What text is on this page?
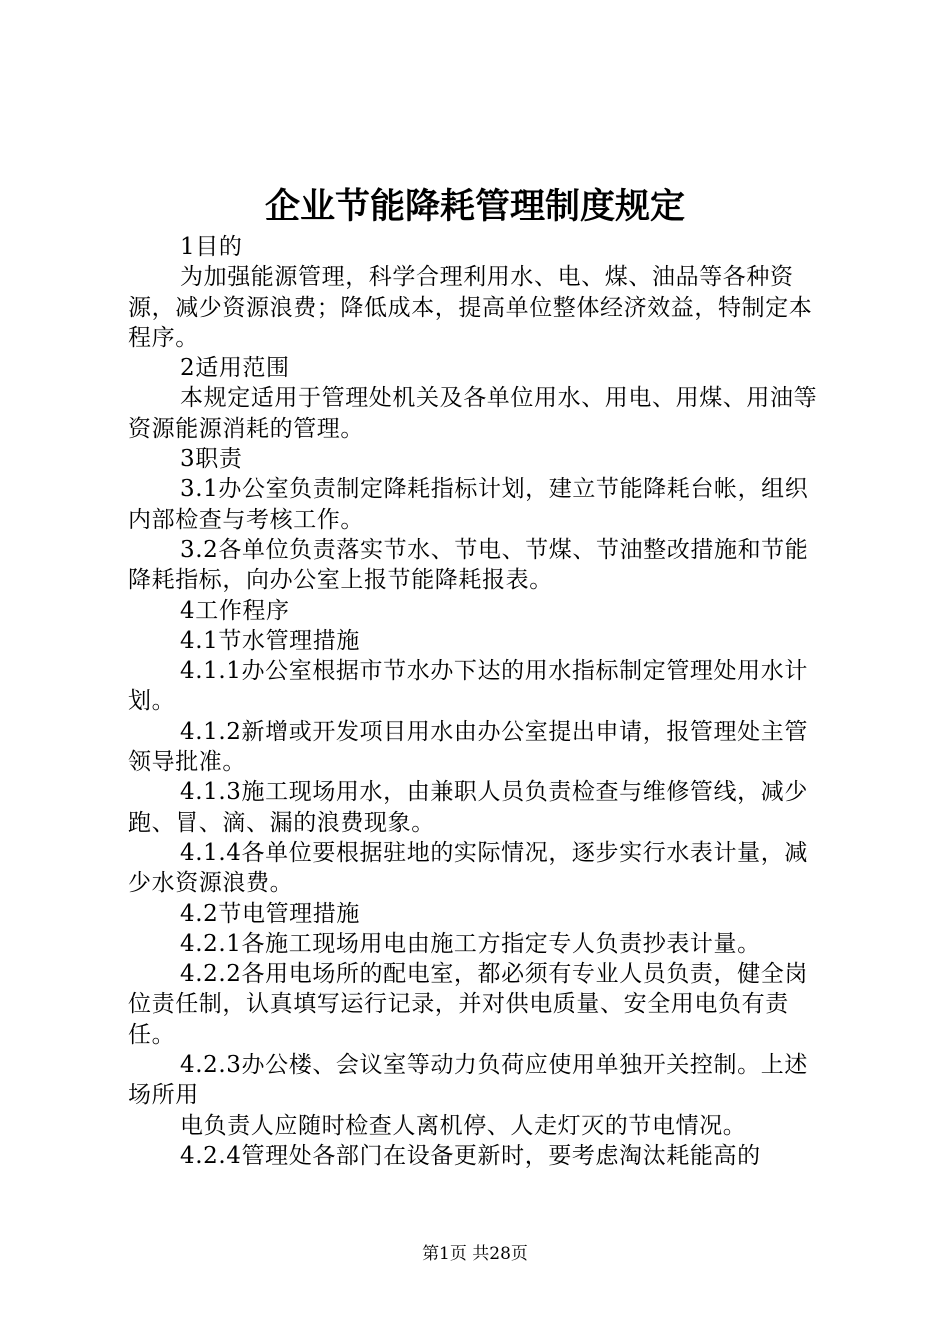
企业节能降耗管理制度规定

1目的

为加强能源管理，科学合理利用水、电、煤、油品等各种资源，减少资源浪费；降低成本，提高单位整体经济效益，特制定本程序。

2适用范围

本规定适用于管理处机关及各单位用水、用电、用煤、用油等资源能源消耗的管理。

3职责

3.1办公室负责制定降耗指标计划，建立节能降耗台帐，组织内部检查与考核工作。

3.2各单位负责落实节水、节电、节煤、节油整改措施和节能降耗指标，向办公室上报节能降耗报表。

4工作程序

4.1节水管理措施

4.1.1办公室根据市节水办下达的用水指标制定管理处用水计划。

4.1.2新增或开发项目用水由办公室提出申请，报管理处主管领导批准。

4.1.3施工现场用水，由兼职人员负责检查与维修管线，减少跑、冒、滴、漏的浪费现象。

4.1.4各单位要根据驻地的实际情况，逐步实行水表计量，减少水资源浪费。

4.2节电管理措施

4.2.1各施工现场用电由施工方指定专人负责抄表计量。

4.2.2各用电场所的配电室，都必须有专业人员负责，健全岗位责任制，认真填写运行记录，并对供电质量、安全用电负有责任。

4.2.3办公楼、会议室等动力负荷应使用单独开关控制。上述场所用

电负责人应随时检查人离机停、人走灯灭的节电情况。

4.2.4管理处各部门在设备更新时，要考虑淘汰耗能高的

第1页 共28页
